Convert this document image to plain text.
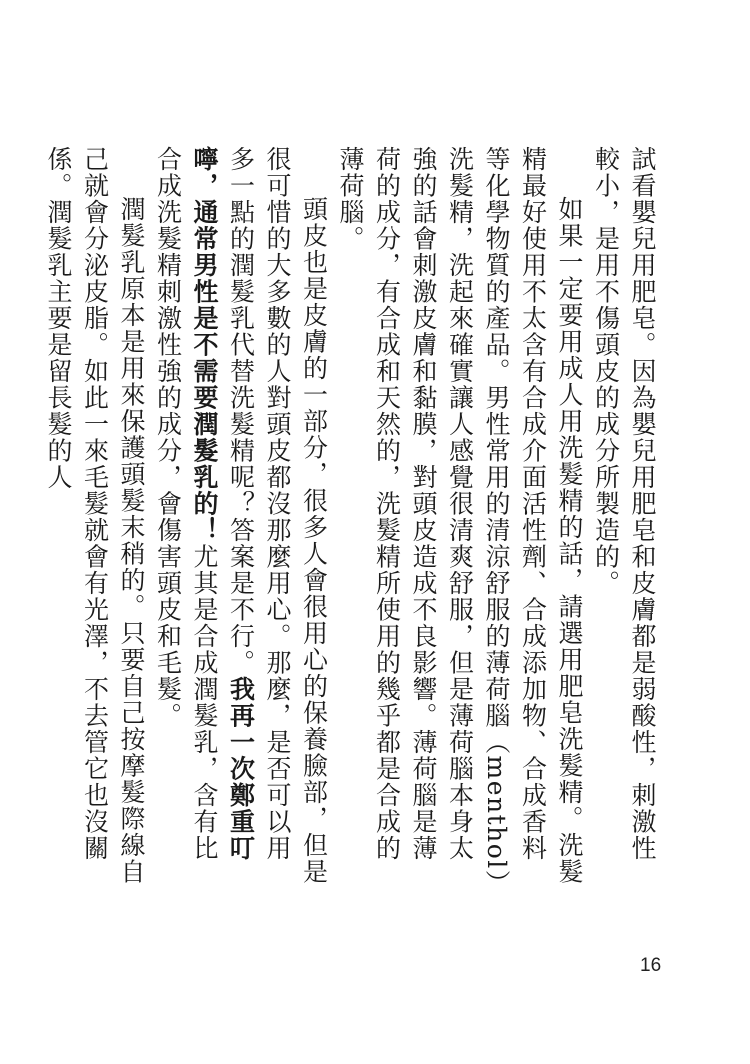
試看嬰兒用肥皂。因為嬰兒用肥皂和皮膚都是弱酸性，刺激性較小，是用不傷頭皮的成分所製造的。

如果一定要用成人用洗髮精的話，請選用肥皂洗髮精。洗髮精最好使用不太含有合成介面活性劑、合成添加物、合成香料等化學物質的產品。男性常用的清涼舒服的薄荷腦（menthol）洗髮精，洗起來確實讓人感覺很清爽舒服，但是薄荷腦本身太強的話會刺激皮膚和黏膜，對頭皮造成不良影響。薄荷腦是薄荷的成分，有合成和天然的，洗髮精所使用的幾乎都是合成的薄荷腦。

頭皮也是皮膚的一部分，很多人會很用心的保養臉部，但是很可惜的大多數的人對頭皮都沒那麼用心。那麼，是否可以用多一點的潤髮乳代替洗髮精呢？答案是不行。我再一次鄭重叮嚀，通常男性是不需要潤髮乳的！尤其是合成潤髮乳，含有比合成洗髮精刺激性強的成分，會傷害頭皮和毛髮。

潤髮乳原本是用來保護頭髮末稍的。只要自己按摩髮際線自己就會分泌皮脂。如此一來毛髮就會有光澤，不去管它也沒關係。潤髮乳主要是留長髮的人

16
